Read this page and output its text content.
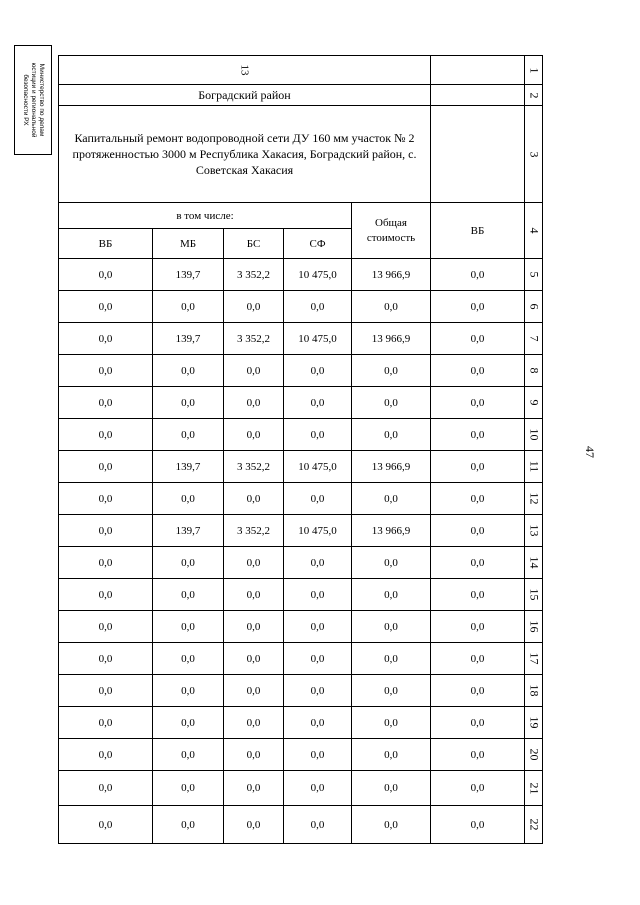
Министерство по делам
юстиции и региональной
безопасности РХ
47
13						1
Боградский район						2
Капитальный ремонт водопроводной сети ДУ 160 мм участок № 2 протяженностью 3000 м Республика Хакасия, Боградский район, с. Советская Хакасия						3
в том числе:				Общая стоимость	ВБ	4
ВБ	МБ	БС	СФ			
0,0	139,7	3 352,2	10 475,0	13 966,9	0,0	5
0,0	0,0	0,0	0,0	0,0	0,0	6
0,0	139,7	3 352,2	10 475,0	13 966,9	0,0	7
0,0	0,0	0,0	0,0	0,0	0,0	8
0,0	0,0	0,0	0,0	0,0	0,0	9
0,0	0,0	0,0	0,0	0,0	0,0	10
0,0	139,7	3 352,2	10 475,0	13 966,9	0,0	11
0,0	0,0	0,0	0,0	0,0	0,0	12
0,0	139,7	3 352,2	10 475,0	13 966,9	0,0	13
0,0	0,0	0,0	0,0	0,0	0,0	14
0,0	0,0	0,0	0,0	0,0	0,0	15
0,0	0,0	0,0	0,0	0,0	0,0	16
0,0	0,0	0,0	0,0	0,0	0,0	17
0,0	0,0	0,0	0,0	0,0	0,0	18
0,0	0,0	0,0	0,0	0,0	0,0	19
0,0	0,0	0,0	0,0	0,0	0,0	20
0,0	0,0	0,0	0,0	0,0	0,0	21
0,0	0,0	0,0	0,0	0,0	0,0	22
